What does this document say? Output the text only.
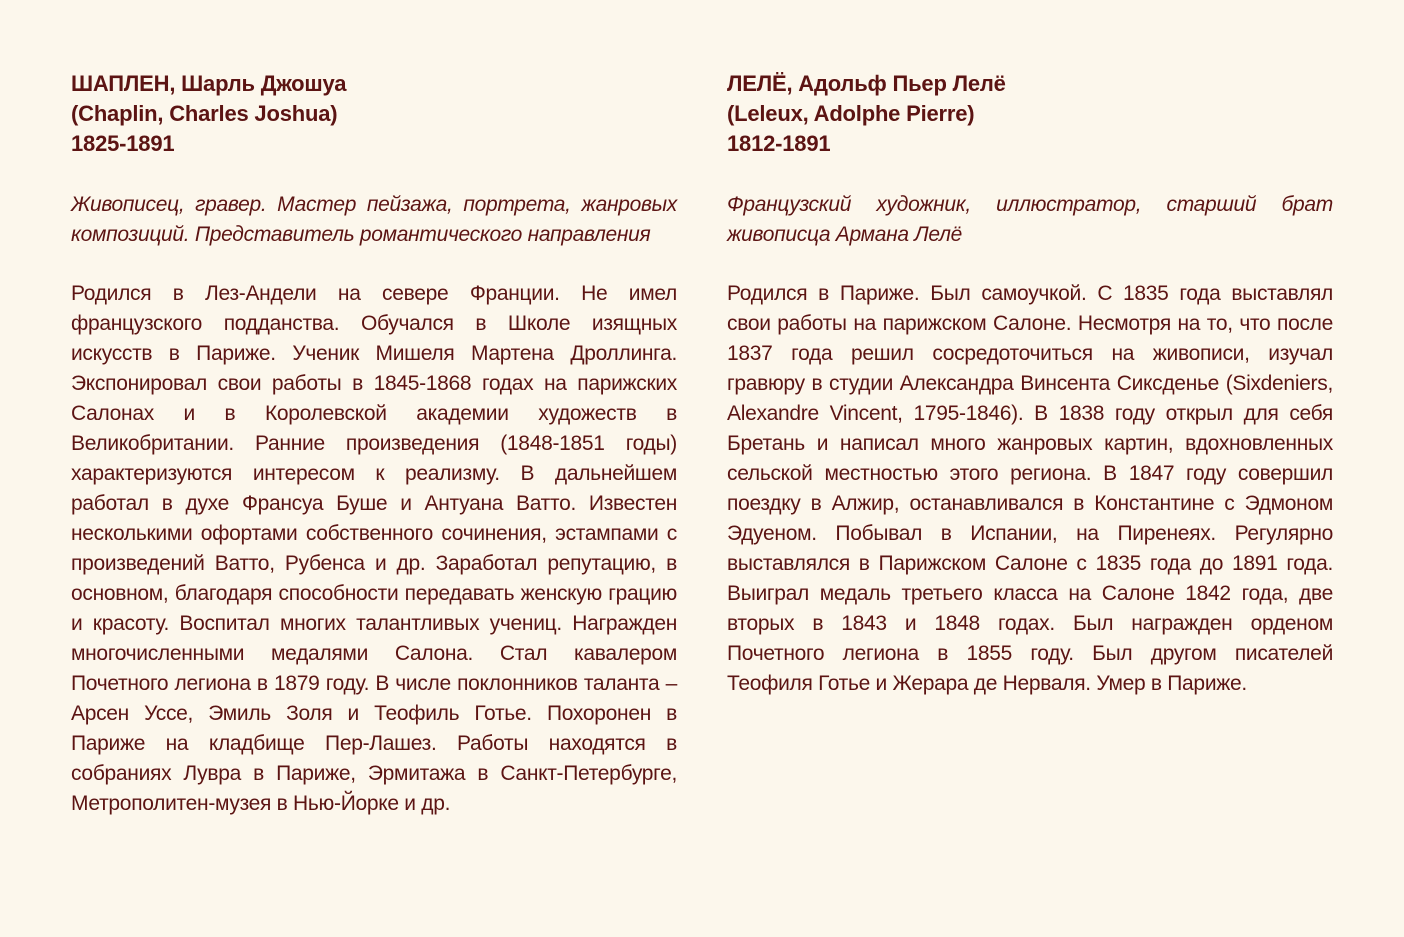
ШАПЛЕН, Шарль Джошуа
(Chaplin, Charles Joshua)
1825-1891
Живописец, гравер. Мастер пейзажа, портрета, жанровых композиций. Представитель романтического направления
Родился в Лез-Андели на севере Франции. Не имел французского подданства. Обучался в Школе изящных искусств в Париже. Ученик Мишеля Мартена Дроллинга. Экспонировал свои работы в 1845-1868 годах на парижских Салонах и в Королевской академии художеств в Великобритании. Ранние произведения (1848-1851 годы) характеризуются интересом к реализму. В дальнейшем работал в духе Франсуа Буше и Антуана Ватто. Известен несколькими офортами собственного сочинения, эстампами с произведений Ватто, Рубенса и др. Заработал репутацию, в основном, благодаря способности передавать женскую грацию и красоту. Воспитал многих талантливых учениц. Награжден многочисленными медалями Салона. Стал кавалером Почетного легиона в 1879 году. В числе поклонников таланта – Арсен Уссе, Эмиль Золя и Теофиль Готье. Похоронен в Париже на кладбище Пер-Лашез. Работы находятся в собраниях Лувра в Париже, Эрмитажа в Санкт-Петербурге, Метрополитен-музея в Нью-Йорке и др.
ЛЕЛЁ, Адольф Пьер Лелё
(Leleux, Adolphe Pierre)
1812-1891
Французский художник, иллюстратор, старший брат живописца Армана Лелё
Родился в Париже. Был самоучкой. С 1835 года выставлял свои работы на парижском Салоне. Несмотря на то, что после 1837 года решил сосредоточиться на живописи, изучал гравюру в студии Александра Винсента Сиксденье (Sixdeniers, Alexandre Vincent, 1795-1846). В 1838 году открыл для себя Бретань и написал много жанровых картин, вдохновленных сельской местностью этого региона. В 1847 году совершил поездку в Алжир, останавливался в Константине с Эдмоном Эдуеном. Побывал в Испании, на Пиренеях. Регулярно выставлялся в Парижском Салоне с 1835 года до 1891 года. Выиграл медаль третьего класса на Салоне 1842 года, две вторых в 1843 и 1848 годах. Был награжден орденом Почетного легиона в 1855 году. Был другом писателей Теофиля Готье и Жерара де Нерваля. Умер в Париже.
